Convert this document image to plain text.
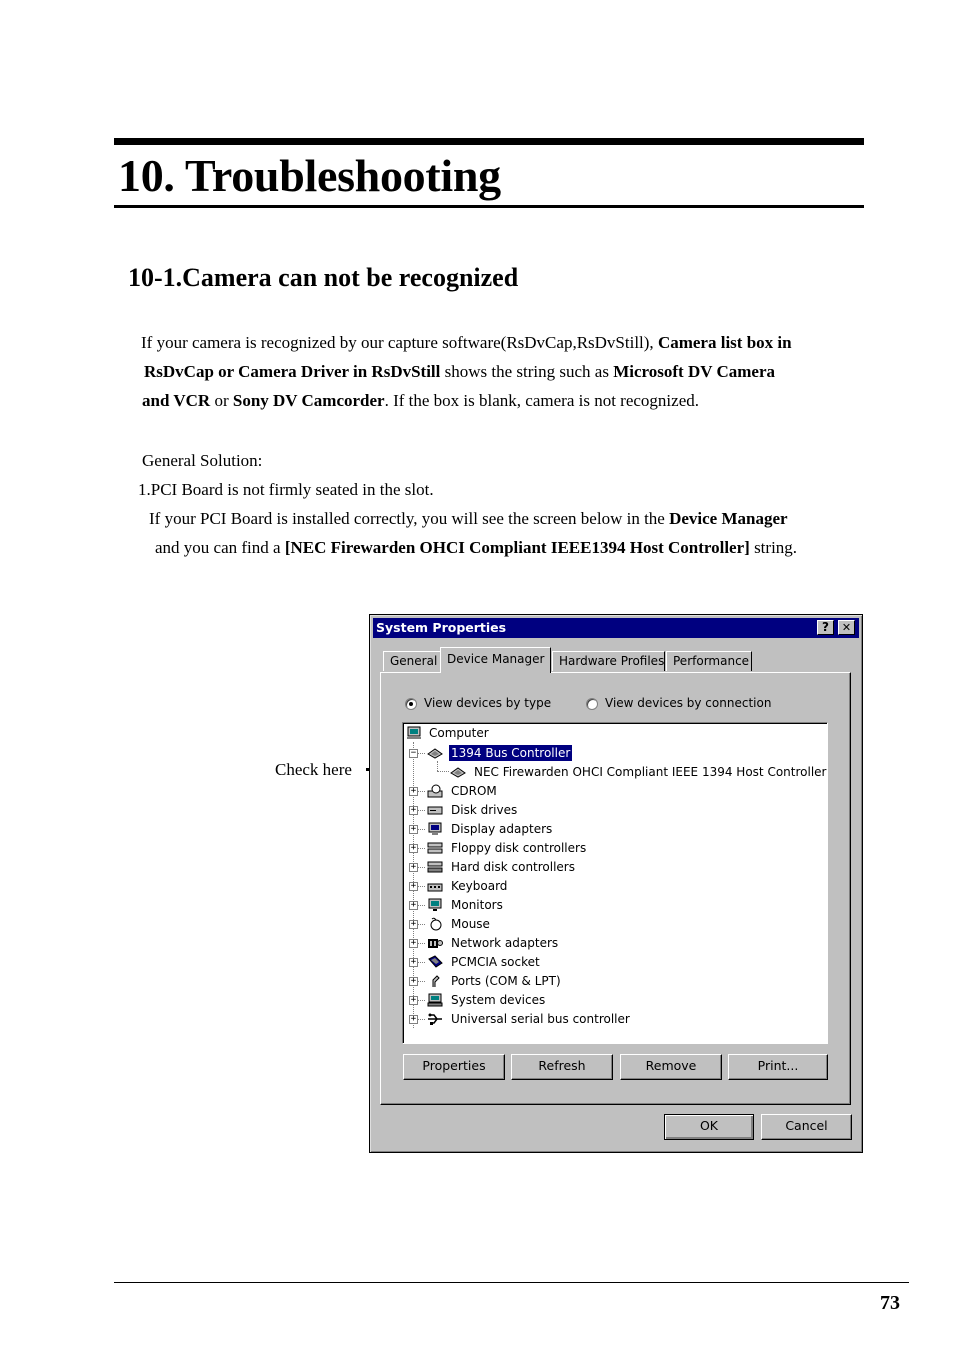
10. Troubleshooting
10-1.Camera can not be recognized
If your camera is recognized by our capture software(RsDvCap,RsDvStill), Camera list box in
RsDvCap or Camera Driver in RsDvStill shows the string such as Microsoft DV Camera
and VCR or Sony DV Camcorder. If the box is blank, camera is not recognized.
General Solution:
1.PCI Board is not firmly seated in the slot.
If your PCI Board is installed correctly, you will see the screen below in the Device Manager
and you can find a [NEC Firewarden OHCI Compliant IEEE1394 Host Controller] string.
Check here
System Properties	?	✕
General Device Manager	Hardware Profiles Performance
View devices by type	View devices by connection
Computer
−	1394 Bus Controller
NEC Firewarden OHCI Compliant IEEE 1394 Host Controller
+	CDROM
+	Disk drives
+	Display adapters
+	Floppy disk controllers
+	Hard disk controllers
+	Keyboard
+	Monitors
+	Mouse
+	Network adapters
+	PCMCIA socket
+	Ports (COM & LPT)
+	System devices
+	Universal serial bus controller
Properties	Refresh	Remove	Print...
OK	Cancel
73
